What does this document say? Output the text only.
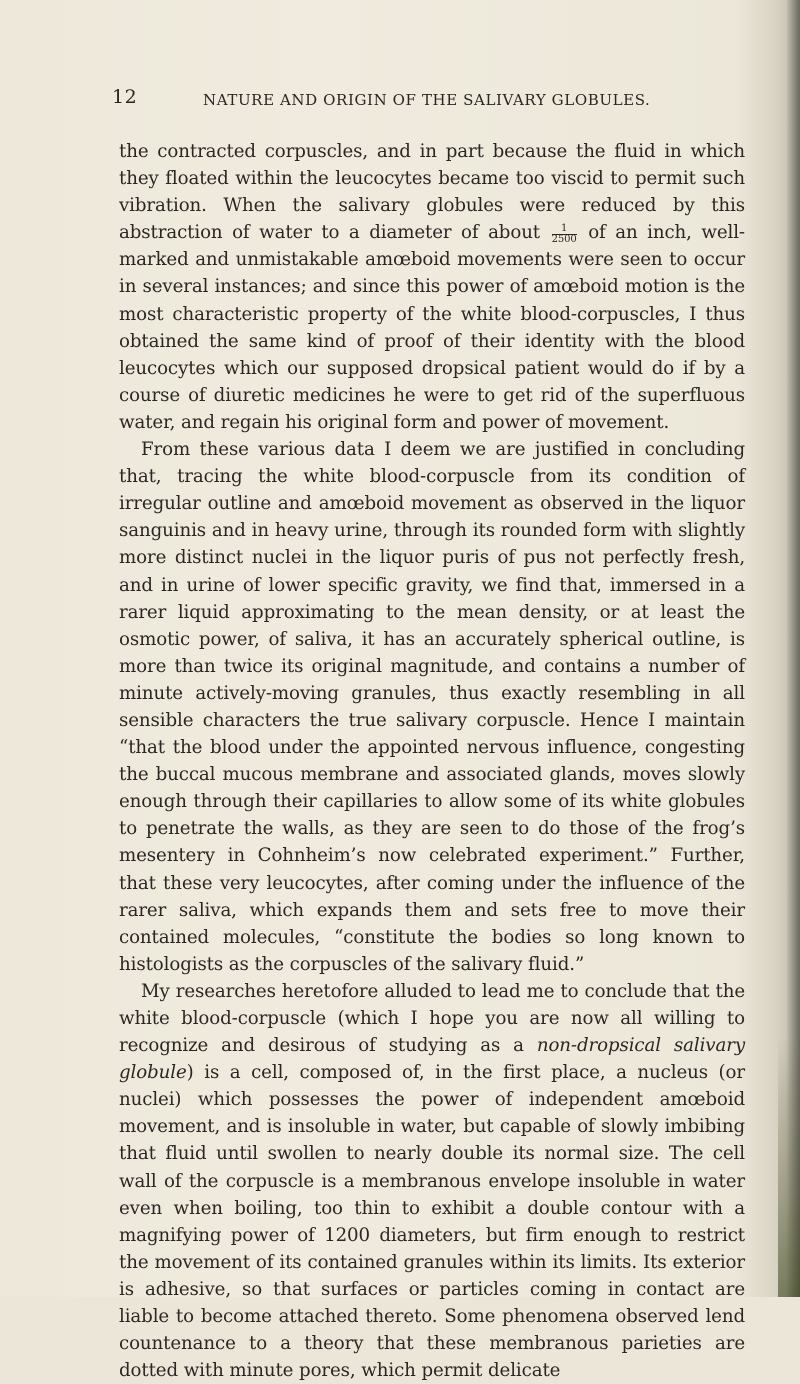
12	NATURE AND ORIGIN OF THE SALIVARY GLOBULES.

the contracted corpuscles, and in part because the fluid in which they floated within the leucocytes became too viscid to permit such vibration. When the salivary globules were reduced by this abstraction of water to a diameter of about $\frac{1}{2500}$ of an inch, well-marked and unmistakable amœboid movements were seen to occur in several instances; and since this power of amœboid motion is the most characteristic property of the white blood-corpuscles, I thus obtained the same kind of proof of their identity with the blood leucocytes which our supposed dropsical patient would do if by a course of diuretic medicines he were to get rid of the superfluous water, and regain his original form and power of movement.

From these various data I deem we are justified in concluding that, tracing the white blood-corpuscle from its condition of irregular outline and amœboid movement as observed in the liquor sanguinis and in heavy urine, through its rounded form with slightly more distinct nuclei in the liquor puris of pus not perfectly fresh, and in urine of lower specific gravity, we find that, immersed in a rarer liquid approximating to the mean density, or at least the osmotic power, of saliva, it has an accurately spherical outline, is more than twice its original magnitude, and contains a number of minute actively-moving granules, thus exactly resembling in all sensible characters the true salivary corpuscle. Hence I maintain “that the blood under the appointed nervous influence, congesting the buccal mucous membrane and associated glands, moves slowly enough through their capillaries to allow some of its white globules to penetrate the walls, as they are seen to do those of the frog’s mesentery in Cohnheim’s now celebrated experiment.” Further, that these very leucocytes, after coming under the influence of the rarer saliva, which expands them and sets free to move their contained molecules, “constitute the bodies so long known to histologists as the corpuscles of the salivary fluid.”

My researches heretofore alluded to lead me to conclude that the white blood-corpuscle (which I hope you are now all willing to recognize and desirous of studying as a non-dropsical salivary globule) is a cell, composed of, in the first place, a nucleus (or nuclei) which possesses the power of independent amœboid movement, and is insoluble in water, but capable of slowly imbibing that fluid until swollen to nearly double its normal size. The cell wall of the corpuscle is a membranous envelope insoluble in water even when boiling, too thin to exhibit a double contour with a magnifying power of 1200 diameters, but firm enough to restrict the movement of its contained granules within its limits. Its exterior is adhesive, so that surfaces or particles coming in contact are liable to become attached thereto. Some phenomena observed lend countenance to a theory that these membranous parieties are dotted with minute pores, which permit delicate
